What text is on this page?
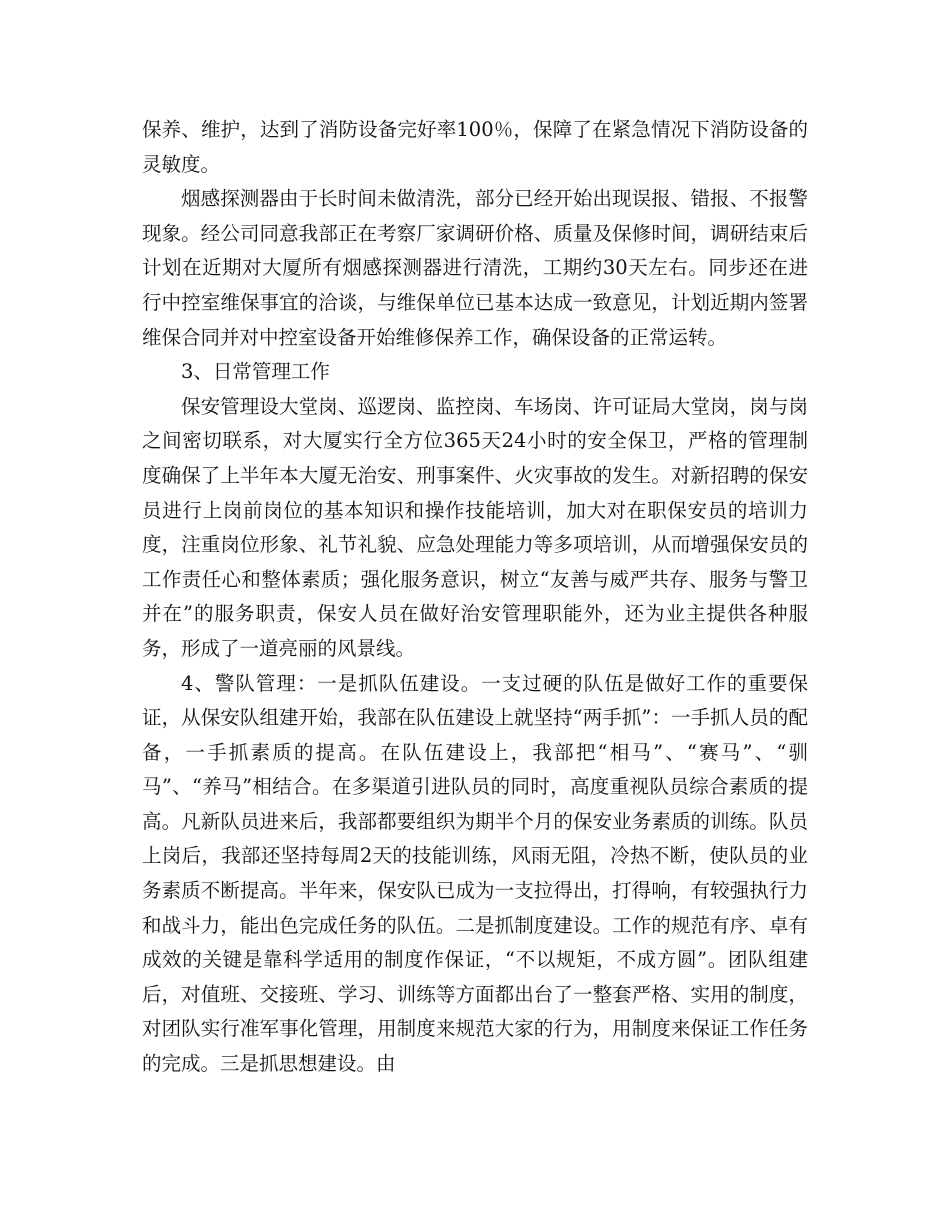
保养、维护，达到了消防设备完好率100％，保障了在紧急情况下消防设备的灵敏度。

烟感探测器由于长时间未做清洗，部分已经开始出现误报、错报、不报警现象。经公司同意我部正在考察厂家调研价格、质量及保修时间，调研结束后计划在近期对大厦所有烟感探测器进行清洗，工期约30天左右。同步还在进行中控室维保事宜的洽谈，与维保单位已基本达成一致意见，计划近期内签署维保合同并对中控室设备开始维修保养工作，确保设备的正常运转。

3、日常管理工作

保安管理设大堂岗、巡逻岗、监控岗、车场岗、许可证局大堂岗，岗与岗之间密切联系，对大厦实行全方位365天24小时的安全保卫，严格的管理制度确保了上半年本大厦无治安、刑事案件、火灾事故的发生。对新招聘的保安员进行上岗前岗位的基本知识和操作技能培训，加大对在职保安员的培训力度，注重岗位形象、礼节礼貌、应急处理能力等多项培训，从而增强保安员的工作责任心和整体素质；强化服务意识，树立“友善与威严共存、服务与警卫并在”的服务职责，保安人员在做好治安管理职能外，还为业主提供各种服务，形成了一道亮丽的风景线。

4、警队管理：一是抓队伍建设。一支过硬的队伍是做好工作的重要保证，从保安队组建开始，我部在队伍建设上就坚持“两手抓”：一手抓人员的配备，一手抓素质的提高。在队伍建设上，我部把“相马”、“赛马”、“驯马”、“养马”相结合。在多渠道引进队员的同时，高度重视队员综合素质的提高。凡新队员进来后，我部都要组织为期半个月的保安业务素质的训练。队员上岗后，我部还坚持每周2天的技能训练，风雨无阻，冷热不断，使队员的业务素质不断提高。半年来，保安队已成为一支拉得出，打得响，有较强执行力和战斗力，能出色完成任务的队伍。二是抓制度建设。工作的规范有序、卓有成效的关键是靠科学适用的制度作保证，“不以规矩，不成方圆”。团队组建后，对值班、交接班、学习、训练等方面都出台了一整套严格、实用的制度，对团队实行准军事化管理，用制度来规范大家的行为，用制度来保证工作任务的完成。三是抓思想建设。由
